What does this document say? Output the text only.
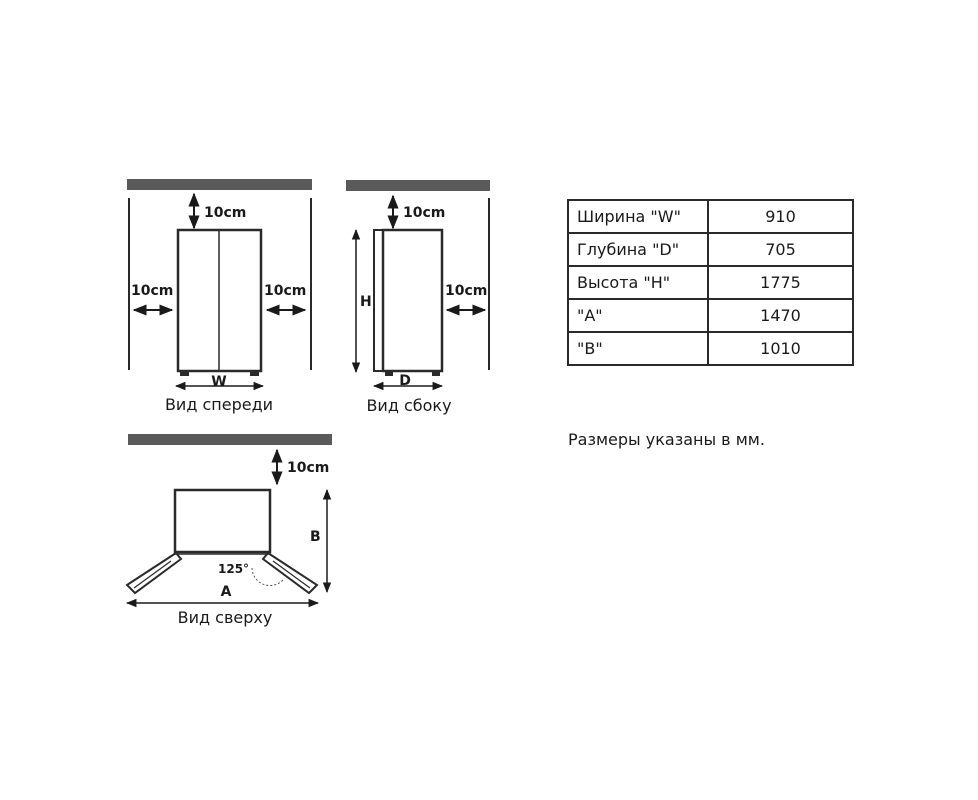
10cm
10cm	10cm
W
Вид спереди
10cm
10cm
H
D
Вид сбоку
10cm
125°
B
A
Вид сверху
Ширина "W"	910
Глубина "D"	705
Высота "H"	1775
"A"	1470
"B"	1010
Размеры указаны в мм.
